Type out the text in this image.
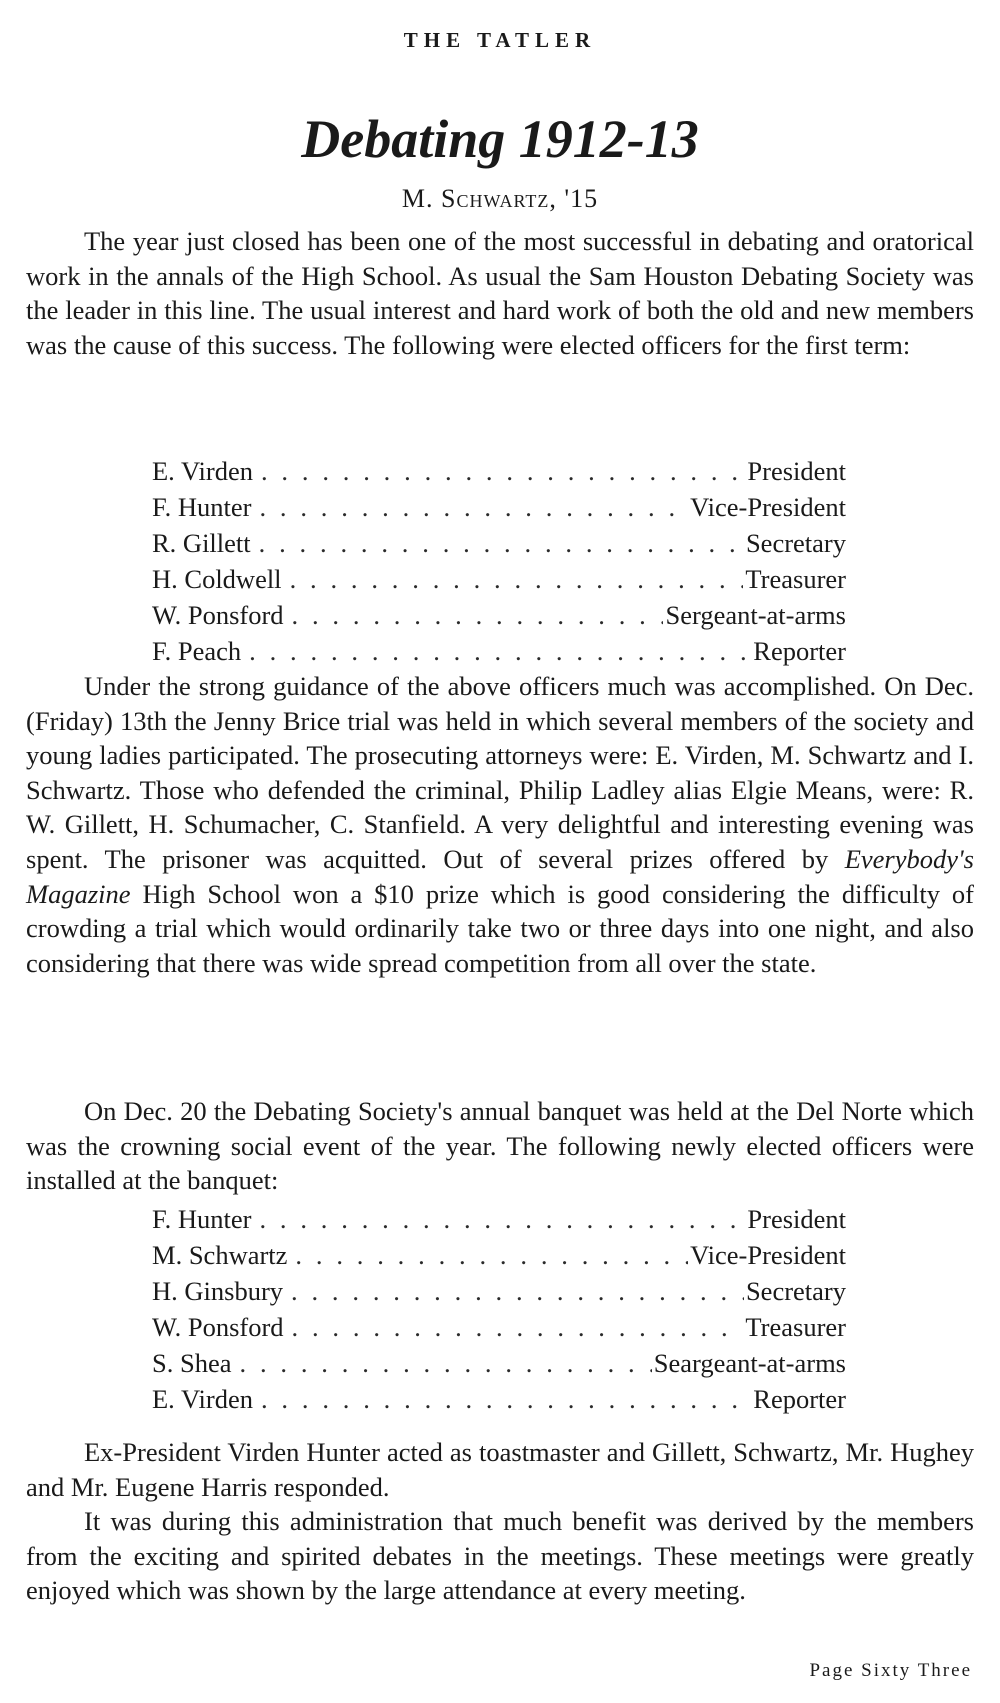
THE TATLER
Debating 1912-13
M. Schwartz, '15

The year just closed has been one of the most successful in debating and oratorical work in the annals of the High School. As usual the Sam Houston Debating Society was the leader in this line. The usual interest and hard work of both the old and new members was the cause of this success. The following were elected officers for the first term:

E. Virden . . .	President
F. Hunter . . .	Vice-President
R. Gillett . . .	Secretary
H. Coldwell . . .	Treasurer
W. Ponsford . . .	Sergeant-at-arms
F. Peach . . .	Reporter

Under the strong guidance of the above officers much was accomplished. On Dec. (Friday) 13th the Jenny Brice trial was held in which several members of the society and young ladies participated. The prosecuting attorneys were: E. Virden, M. Schwartz and I. Schwartz. Those who defended the criminal, Philip Ladley alias Elgie Means, were: R. W. Gillett, H. Schumacher, C. Stanfield. A very delightful and interesting evening was spent. The prisoner was acquitted. Out of several prizes offered by Everybody's Magazine High School won a $10 prize which is good considering the difficulty of crowding a trial which would ordinarily take two or three days into one night, and also considering that there was wide spread competition from all over the state.

On Dec. 20 the Debating Society's annual banquet was held at the Del Norte which was the crowning social event of the year. The following newly elected officers were installed at the banquet:

F. Hunter . . .	President
M. Schwartz . . .	Vice-President
H. Ginsbury . . .	Secretary
W. Ponsford . . .	Treasurer
S. Shea . . .	Seargeant-at-arms
E. Virden . . .	Reporter

Ex-President Virden Hunter acted as toastmaster and Gillett, Schwartz, Mr. Hughey and Mr. Eugene Harris responded.

It was during this administration that much benefit was derived by the members from the exciting and spirited debates in the meetings. These meetings were greatly enjoyed which was shown by the large attendance at every meeting.

Page Sixty Three
